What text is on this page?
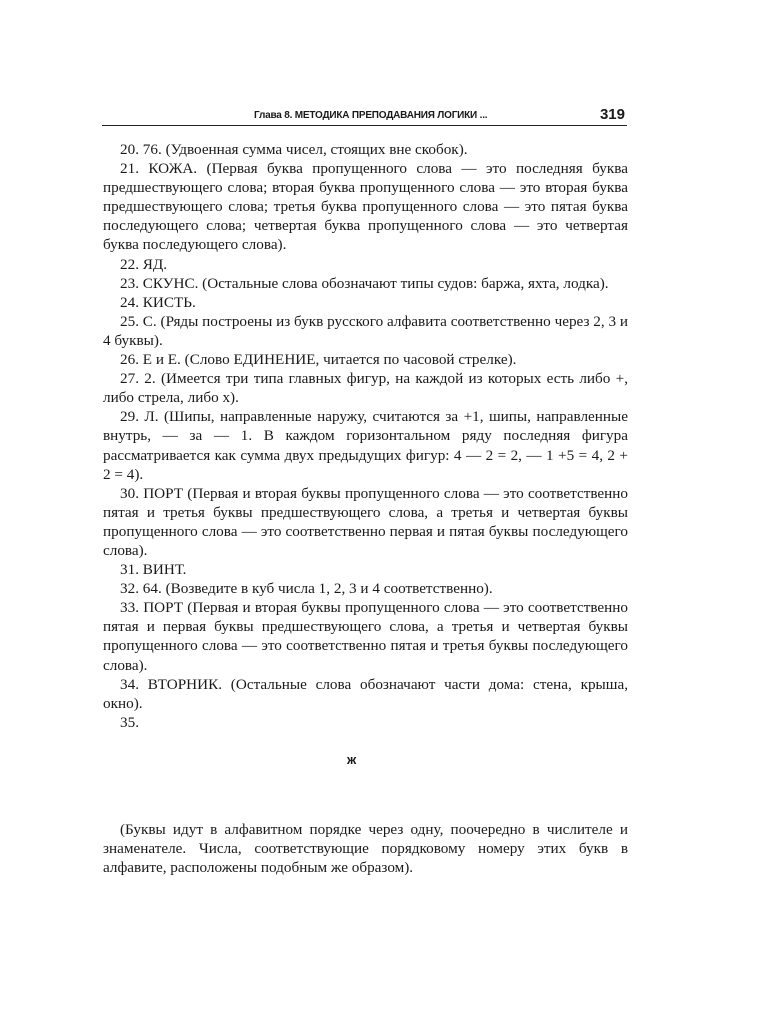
Глава 8. МЕТОДИКА ПРЕПОДАВАНИЯ ЛОГИКИ ...	319

20. 76. (Удвоенная сумма чисел, стоящих вне скобок).

21. КОЖА. (Первая буква пропущенного слова — это последняя буква предшествующего слова; вторая буква пропущенного слова — это вторая буква предшествующего слова; третья буква пропущенного слова — это пятая буква последующего слова; четвертая буква пропущенного слова — это четвертая буква последующего слова).

22. ЯД.

23. СКУНС. (Остальные слова обозначают типы судов: баржа, яхта, лодка).

24. КИСТЬ.

25. С. (Ряды построены из букв русского алфавита соответственно через 2, 3 и 4 буквы).

26. Е и Е. (Слово ЕДИНЕНИЕ, читается по часовой стрелке).

27. 2. (Имеется три типа главных фигур, на каждой из которых есть либо +, либо стрела, либо x).

29. Л. (Шипы, направленные наружу, считаются за +1, шипы, направленные внутрь, — за — 1. В каждом горизонтальном ряду последняя фигура рассматривается как сумма двух предыдущих фигур: 4 — 2 = 2, — 1 +5 = 4, 2 + 2 = 4).

30. ПОРТ (Первая и вторая буквы пропущенного слова — это соответственно пятая и третья буквы предшествующего слова, а третья и четвертая буквы пропущенного слова — это соответственно первая и пятая буквы последующего слова).

31. ВИНТ.

32. 64. (Возведите в куб числа 1, 2, 3 и 4 соответственно).

33. ПОРТ (Первая и вторая буквы пропущенного слова — это соответственно пятая и первая буквы предшествующего слова, а третья и четвертая буквы пропущенного слова — это соответственно пятая и третья буквы последующего слова).

34. ВТОРНИК. (Остальные слова обозначают части дома: стена, крыша, окно).

35.

ж

(Буквы идут в алфавитном порядке через одну, поочередно в числителе и знаменателе. Числа, соответствующие порядковому номеру этих букв в алфавите, расположены подобным же образом).
